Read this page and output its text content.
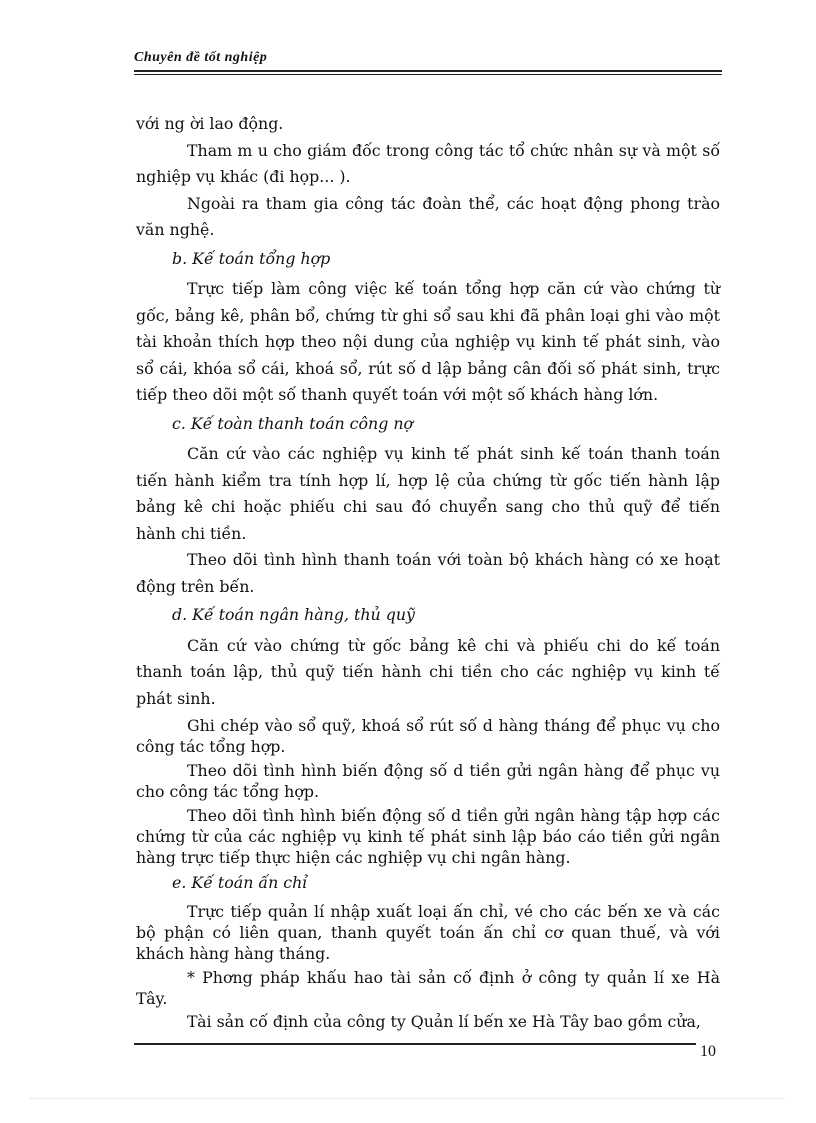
Chuyên đề tốt nghiệp

với ng ời lao động.

Tham m u cho giám đốc trong công tác tổ chức nhân sự và một số nghiệp vụ khác (đi họp... ).

Ngoài ra tham gia công tác đoàn thể, các hoạt động phong trào văn nghệ.

b. Kế toán tổng hợp

Trực tiếp làm công việc kế toán tổng hợp căn cứ vào chứng từ gốc, bảng kê, phân bổ, chứng từ ghi sổ sau khi đã phân loại ghi vào một tài khoản thích hợp theo nội dung của nghiệp vụ kinh tế phát sinh, vào sổ cái, khóa sổ cái, khoá sổ, rút số d lập bảng cân đối số phát sinh, trực tiếp theo dõi một số thanh quyết toán với một số khách hàng lớn.

c. Kế toàn thanh toán công nợ

Căn cứ vào các nghiệp vụ kinh tế phát sinh kế toán thanh toán tiến hành kiểm tra tính hợp lí, hợp lệ của chứng từ gốc tiến hành lập bảng kê chi hoặc phiếu chi sau đó chuyển sang cho thủ quỹ để tiến hành chi tiền.

Theo dõi tình hình thanh toán với toàn bộ khách hàng có xe hoạt động trên bến.

d. Kế toán ngân hàng, thủ quỹ

Căn cứ vào chứng từ gốc bảng kê chi và phiếu chi do kế toán thanh toán lập, thủ quỹ tiến hành chi tiền cho các nghiệp vụ kinh tế phát sinh.

Ghi chép vào sổ quỹ, khoá sổ rút số d hàng tháng để phục vụ cho công tác tổng hợp.

Theo dõi tình hình biến động số d tiền gửi ngân hàng để phục vụ cho công tác tổng hợp.

Theo dõi tình hình biến động số d tiền gửi ngân hàng tập hợp các chứng từ của các nghiệp vụ kinh tế phát sinh lập báo cáo tiền gửi ngân hàng trực tiếp thực hiện các nghiệp vụ chi ngân hàng.

e. Kế toán ấn chỉ

Trực tiếp quản lí nhập xuất loại ấn chỉ, vé cho các bến xe và các bộ phận có liên quan, thanh quyết toán ấn chỉ cơ quan thuế, và với khách hàng hàng tháng.

* Phơng pháp khấu hao tài sản cố định ở công ty quản lí xe Hà Tây.

Tài sản cố định của công ty Quản lí bến xe Hà Tây bao gồm cửa,

10
